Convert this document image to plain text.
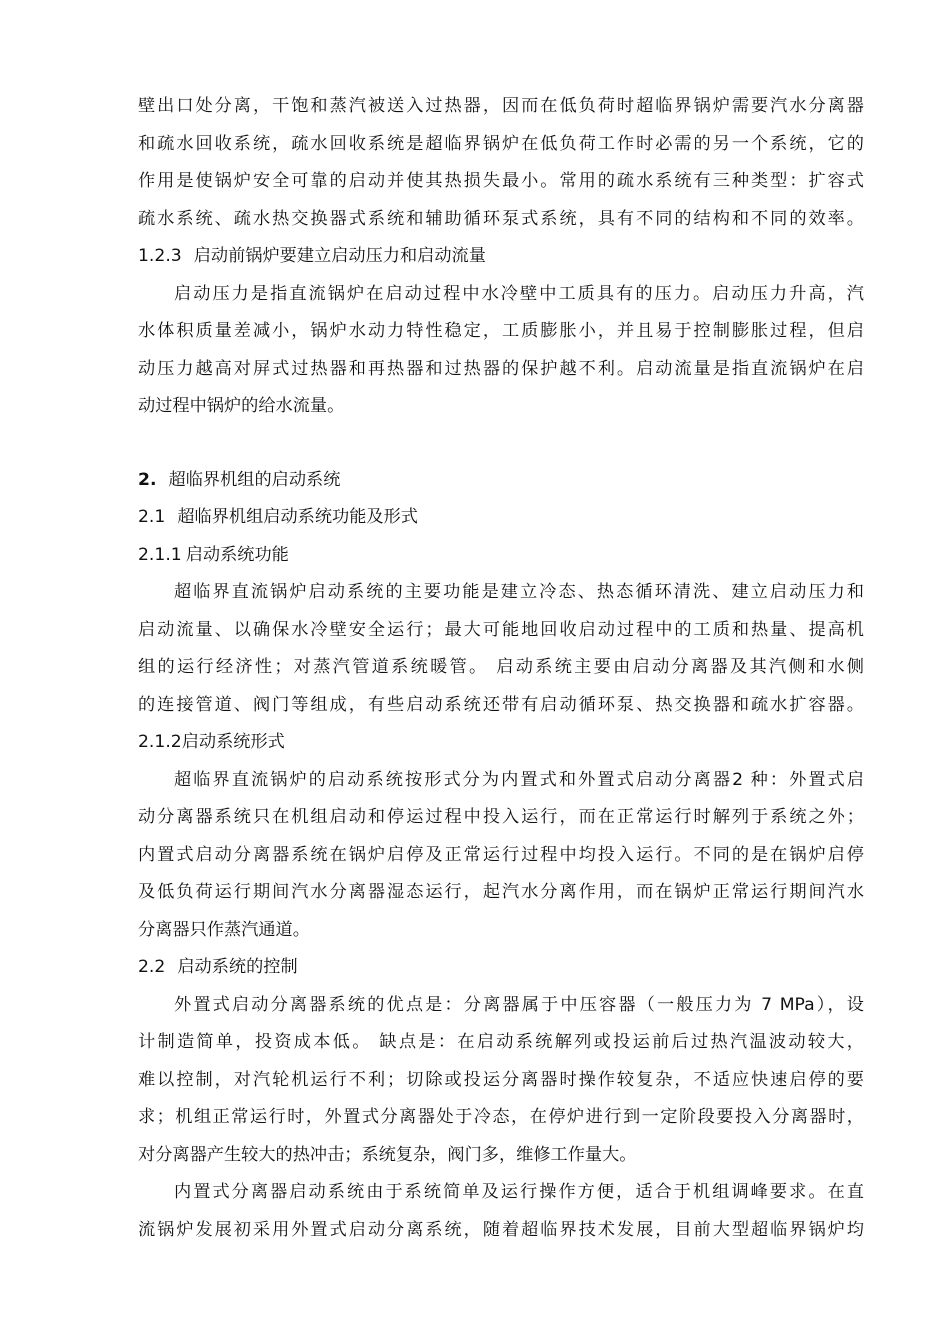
壁出口处分离，干饱和蒸汽被送入过热器，因而在低负荷时超临界锅炉需要汽水分离器
和疏水回收系统，疏水回收系统是超临界锅炉在低负荷工作时必需的另一个系统，它的
作用是使锅炉安全可靠的启动并使其热损失最小。常用的疏水系统有三种类型：扩容式
疏水系统、疏水热交换器式系统和辅助循环泵式系统，具有不同的结构和不同的效率。
1.2.3 启动前锅炉要建立启动压力和启动流量
启动压力是指直流锅炉在启动过程中水冷壁中工质具有的压力。启动压力升高，汽
水体积质量差减小，锅炉水动力特性稳定，工质膨胀小，并且易于控制膨胀过程，但启
动压力越高对屏式过热器和再热器和过热器的保护越不利。启动流量是指直流锅炉在启
动过程中锅炉的给水流量。
2. 超临界机组的启动系统
2.1 超临界机组启动系统功能及形式
2.1.1 启动系统功能
超临界直流锅炉启动系统的主要功能是建立冷态、热态循环清洗、建立启动压力和
启动流量、以确保水冷壁安全运行；最大可能地回收启动过程中的工质和热量、提高机
组的运行经济性；对蒸汽管道系统暖管。 启动系统主要由启动分离器及其汽侧和水侧
的连接管道、阀门等组成，有些启动系统还带有启动循环泵、热交换器和疏水扩容器。
2.1.2启动系统形式
超临界直流锅炉的启动系统按形式分为内置式和外置式启动分离器2 种：外置式启
动分离器系统只在机组启动和停运过程中投入运行，而在正常运行时解列于系统之外；
内置式启动分离器系统在锅炉启停及正常运行过程中均投入运行。不同的是在锅炉启停
及低负荷运行期间汽水分离器湿态运行，起汽水分离作用，而在锅炉正常运行期间汽水
分离器只作蒸汽通道。
2.2 启动系统的控制
外置式启动分离器系统的优点是：分离器属于中压容器（一般压力为 7 MPa），设
计制造简单，投资成本低。 缺点是：在启动系统解列或投运前后过热汽温波动较大，
难以控制，对汽轮机运行不利；切除或投运分离器时操作较复杂，不适应快速启停的要
求；机组正常运行时，外置式分离器处于冷态，在停炉进行到一定阶段要投入分离器时，
对分离器产生较大的热冲击；系统复杂，阀门多，维修工作量大。
内置式分离器启动系统由于系统简单及运行操作方便，适合于机组调峰要求。在直
流锅炉发展初采用外置式启动分离系统，随着超临界技术发展，目前大型超临界锅炉均
